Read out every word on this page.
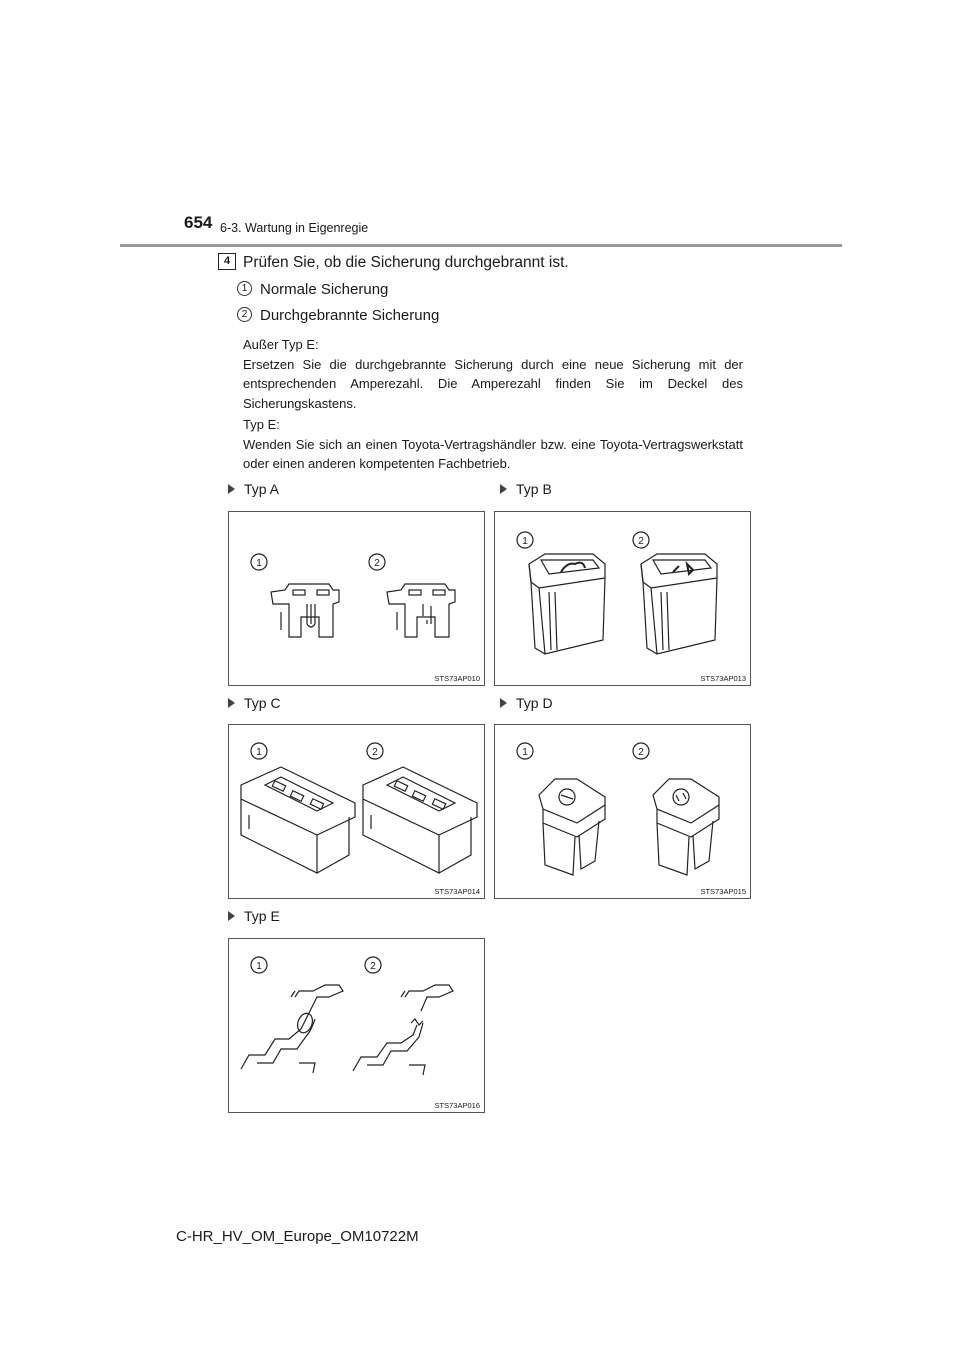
654 6-3. Wartung in Eigenregie
4 Prüfen Sie, ob die Sicherung durchgebrannt ist.
1 Normale Sicherung
2 Durchgebrannte Sicherung
Außer Typ E:
Ersetzen Sie die durchgebrannte Sicherung durch eine neue Sicherung mit der entsprechenden Amperezahl. Die Amperezahl finden Sie im Deckel des Sicherungskastens.
Typ E:
Wenden Sie sich an einen Toyota-Vertragshändler bzw. eine Toyota-Vertragswerkstatt oder einen anderen kompetenten Fachbetrieb.
Typ A	Typ B
Typ C	Typ D
Typ E
1	2
STS73AP010
1	2
STS73AP013
1	2
STS73AP014
1	2
STS73AP015
1	2
STS73AP016
C-HR_HV_OM_Europe_OM10722M
